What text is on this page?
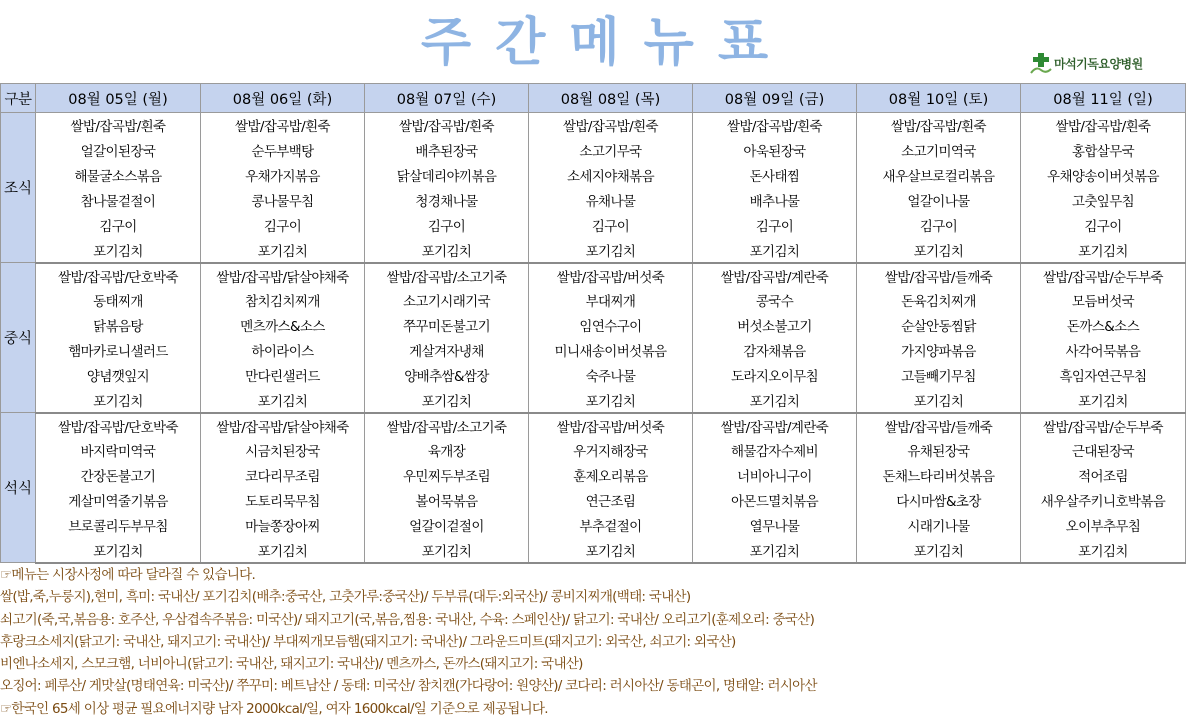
주간메뉴표	마석기독요양병원
구분	08월 05일 (월)	08월 06일 (화)	08월 07일 (수)	08월 08일 (목)	08월 09일 (금)	08월 10일 (토)	08월 11일 (일)
조식	쌀밥/잡곡밥/흰죽	쌀밥/잡곡밥/흰죽	쌀밥/잡곡밥/흰죽	쌀밥/잡곡밥/흰죽	쌀밥/잡곡밥/흰죽	쌀밥/잡곡밥/흰죽	쌀밥/잡곡밥/흰죽
	얼갈이된장국	순두부백탕	배추된장국	소고기무국	아욱된장국	소고기미역국	홍합살무국
	해물굴소스볶음	우채가지볶음	닭살데리야끼볶음	소세지야채볶음	돈사태찜	새우살브로컬리볶음	우채양송이버섯볶음
	참나물겉절이	콩나물무침	청경채나물	유채나물	배추나물	얼갈이나물	고춧잎무침
	김구이	김구이	김구이	김구이	김구이	김구이	김구이
	포기김치	포기김치	포기김치	포기김치	포기김치	포기김치	포기김치
중식	쌀밥/잡곡밥/단호박죽	쌀밥/잡곡밥/닭살야채죽	쌀밥/잡곡밥/소고기죽	쌀밥/잡곡밥/버섯죽	쌀밥/잡곡밥/계란죽	쌀밥/잡곡밥/들깨죽	쌀밥/잡곡밥/순두부죽
	동태찌개	참치김치찌개	소고기시래기국	부대찌개	콩국수	돈육김치찌개	모듬버섯국
	닭볶음탕	멘츠까스&소스	쭈꾸미돈불고기	임연수구이	버섯소불고기	순살안동찜닭	돈까스&소스
	햄마카로니샐러드	하이라이스	게살겨자냉채	미니새송이버섯볶음	감자채볶음	가지양파볶음	사각어묵볶음
	양념깻잎지	만다린샐러드	양배추쌈&쌈장	숙주나물	도라지오이무침	고들빼기무침	흑임자연근무침
	포기김치	포기김치	포기김치	포기김치	포기김치	포기김치	포기김치
석식	쌀밥/잡곡밥/단호박죽	쌀밥/잡곡밥/닭살야채죽	쌀밥/잡곡밥/소고기죽	쌀밥/잡곡밥/버섯죽	쌀밥/잡곡밥/계란죽	쌀밥/잡곡밥/들깨죽	쌀밥/잡곡밥/순두부죽
	바지락미역국	시금치된장국	육개장	우거지해장국	해물감자수제비	유채된장국	근대된장국
	간장돈불고기	코다리무조림	우민찌두부조림	훈제오리볶음	너비아니구이	돈채느타리버섯볶음	적어조림
	게살미역줄기볶음	도토리묵무침	볼어묵볶음	연근조림	아몬드멸치볶음	다시마쌈&초장	새우살주키니호박볶음
	브로콜리두부무침	마늘쫑장아찌	얼갈이겉절이	부추겉절이	열무나물	시래기나물	오이부추무침
	포기김치	포기김치	포기김치	포기김치	포기김치	포기김치	포기김치
☞메뉴는 시장사정에 따라 달라질 수 있습니다.
쌀(밥,죽,누룽지),현미, 흑미: 국내산/ 포기김치(배추:중국산, 고춧가루:중국산)/ 두부류(대두:외국산)/ 콩비지찌개(백태: 국내산)
쇠고기(죽,국,볶음용: 호주산, 우삼겹속주볶음: 미국산)/ 돼지고기(국,볶음,찜용: 국내산, 수육: 스페인산)/ 닭고기: 국내산/ 오리고기(훈제오리: 중국산)
후랑크소세지(닭고기: 국내산, 돼지고기: 국내산)/ 부대찌개모듬햄(돼지고기: 국내산)/ 그라운드미트(돼지고기: 외국산, 쇠고기: 외국산)
비엔나소세지, 스모크햄, 너비아니(닭고기: 국내산, 돼지고기: 국내산)/ 멘츠까스, 돈까스(돼지고기: 국내산)
오징어: 페루산/ 게맛살(명태연육: 미국산)/ 쭈꾸미: 베트남산 / 동태: 미국산/ 참치캔(가다랑어: 원양산)/ 코다리: 러시아산/ 동태곤이, 명태알: 러시아산
☞한국인 65세 이상 평균 필요에너지량 남자 2000kcal/일, 여자 1600kcal/일 기준으로 제공됩니다.
